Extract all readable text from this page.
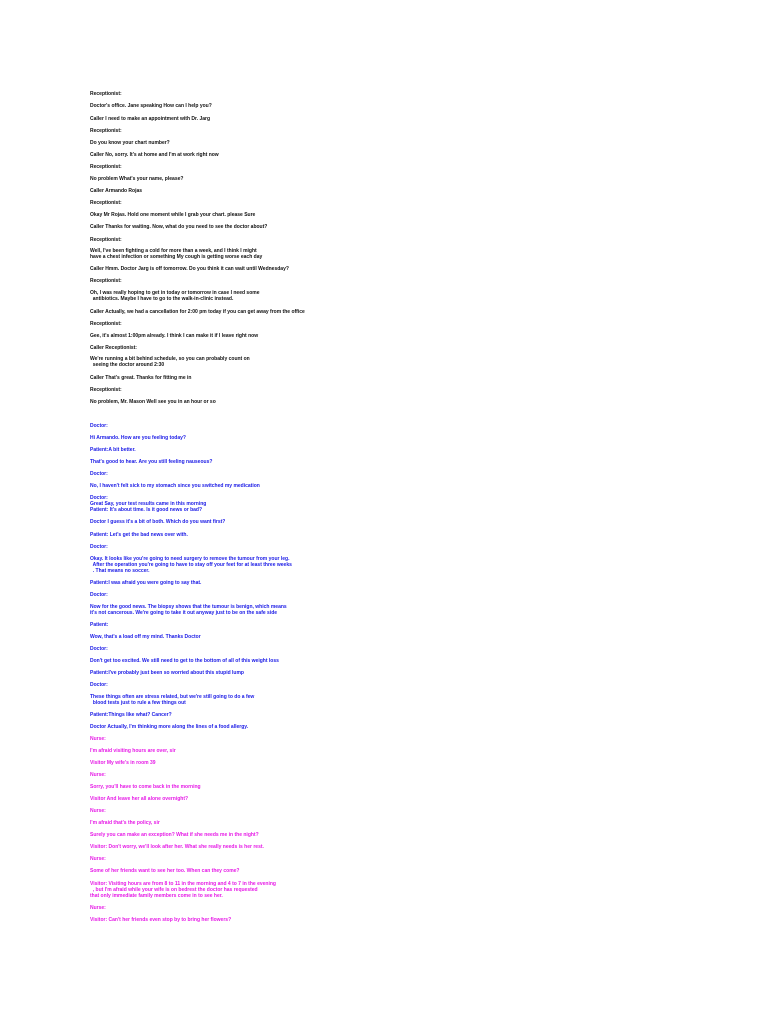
Receptionist:
Doctor's office. Jane speaking How can I help you?
Caller I need to make an appointment with Dr. Jarg
Receptionist:
Do you know your chart number?
Caller No, sorry. It's at home and I'm at work right now
Receptionist:
No problem What's your name, please?
Caller Armando Rojas
Receptionist:
Okay Mr Rojas. Hold one moment while I grab your chart. please Sure
Caller Thanks for waiting. Now, what do you need to see the doctor about?
Receptionist:
Well, I've been fighting a cold for more than a week, and I think I might
have a chest infection or something My cough is getting worse each day
Caller Hmm. Doctor Jarg is off tomorrow. Do you think it can wait until Wednesday?
Receptionist:
Oh, I was really hoping to get in today or tomorrow in case I need some
antibiotics. Maybe I have to go to the walk-in-clinic instead.
Caller Actually, we had a cancellation for 2:00 pm today if you can get away from the office
Receptionist:
Gee, it's almost 1:00pm already. I think I can make it if I leave right now
Caller Receptionist:
We're running a bit behind schedule, so you can probably count on
seeing the doctor around 2:30
Caller That's great. Thanks for fitting me in
Receptionist:
No problem, Mr. Mason Well see you in an hour or so
Doctor:
Hi Armando. How are you feeling today?
Patient:A bit better.
That's good to hear. Are you still feeling nauseous?
Doctor:
No, I haven't felt sick to my stomach since you switched my medication
Doctor:
Great Say, your test results came in this morning
Patient: It's about time. Is it good news or bad?
Doctor I guess it's a bit of both. Which do you want first?
Patient: Let's get the bad news over with.
Doctor:
Okay. It looks like you're going to need surgery to remove the tumour from your leg.
After the operation you're going to have to stay off your feet for at least three weeks
. That means no soccer.
Patient:I was afraid you were going to say that.
Doctor:
Now for the good news. The biopsy shows that the tumour is benign, which means
it's not cancerous. We're going to take it out anyway just to be on the safe side
Patient:
Wow, that's a load off my mind. Thanks Doctor
Doctor:
Don't get too excited. We still need to get to the bottom of all of this weight loss
Patient:I've probably just been so worried about this stupid lump
Doctor:
These things often are stress related, but we're still going to do a few
blood tests just to rule a few things out
Patient:Things like what? Cancer?
Doctor Actually, I'm thinking more along the lines of a food allergy.
Nurse:
I'm afraid visiting hours are over, sir
Visitor My wife's in room 39
Nurse:
Sorry, you'll have to come back in the morning
Visitor And leave her all alone overnight?
Nurse:
I'm afraid that's the policy, sir
Surely you can make an exception? What if she needs me in the night?
Visitor: Don't worry, we'll look after her. What she really needs is her rest.
Nurse:
Some of her friends want to see her too. When can they come?
Visitor: Visiting hours are from 8 to 11 in the morning and 4 to 7 in the evening
, but I'm afraid while your wife is on bedrest the doctor has requested
that only immediate family members come in to see her.
Nurse:
Visitor: Can't her friends even stop by to bring her flowers?
